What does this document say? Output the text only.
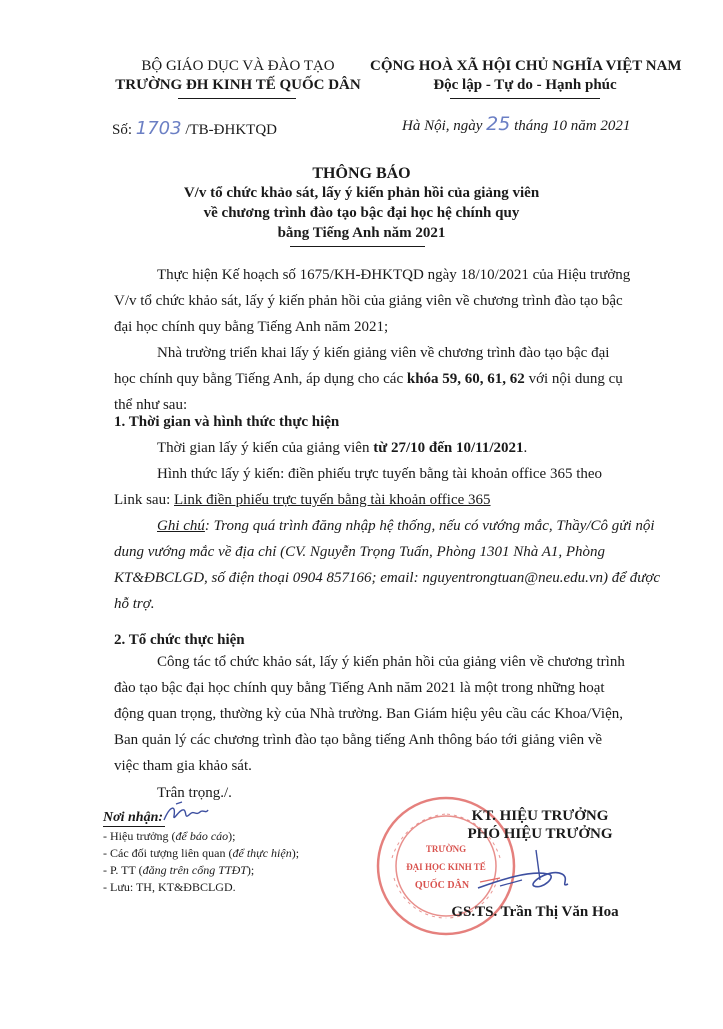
BỘ GIÁO DỤC VÀ ĐÀO TẠO
TRƯỜNG ĐH KINH TẾ QUỐC DÂN
Số: 1703 /TB-ĐHKTQD
CỘNG HOÀ XÃ HỘI CHỦ NGHĨA VIỆT NAM
Độc lập - Tự do - Hạnh phúc
Hà Nội, ngày 25 tháng 10 năm 2021
THÔNG BÁO
V/v tổ chức khảo sát, lấy ý kiến phản hồi của giảng viên
về chương trình đào tạo bậc đại học hệ chính quy
bằng Tiếng Anh năm 2021
Thực hiện Kế hoạch số 1675/KH-ĐHKTQD ngày 18/10/2021 của Hiệu trưởng
V/v tổ chức khảo sát, lấy ý kiến phản hồi của giảng viên về chương trình đào tạo bậc
đại học chính quy bằng Tiếng Anh năm 2021;
Nhà trường triển khai lấy ý kiến giảng viên về chương trình đào tạo bậc đại
học chính quy bằng Tiếng Anh, áp dụng cho các khóa 59, 60, 61, 62 với nội dung cụ
thể như sau:
1. Thời gian và hình thức thực hiện
Thời gian lấy ý kiến của giảng viên từ 27/10 đến 10/11/2021.
Hình thức lấy ý kiến: điền phiếu trực tuyến bằng tài khoản office 365 theo
Link sau: Link điền phiếu trực tuyến bằng tài khoản office 365
Ghi chú: Trong quá trình đăng nhập hệ thống, nếu có vướng mắc, Thầy/Cô gửi nội
dung vướng mắc về địa chỉ (CV. Nguyễn Trọng Tuấn, Phòng 1301 Nhà A1, Phòng
KT&ĐBCLGD, số điện thoại 0904 857166; email: nguyentrongtuan@neu.edu.vn) để được
hỗ trợ.
2. Tổ chức thực hiện
Công tác tổ chức khảo sát, lấy ý kiến phản hồi của giảng viên về chương trình
đào tạo bậc đại học chính quy bằng Tiếng Anh năm 2021 là một trong những hoạt
động quan trọng, thường kỳ của Nhà trường. Ban Giám hiệu yêu cầu các Khoa/Viện,
Ban quản lý các chương trình đào tạo bằng tiếng Anh thông báo tới giảng viên về
việc tham gia khảo sát.
Trân trọng./.
Nơi nhận:
- Hiệu trưởng (để báo cáo);
- Các đối tượng liên quan (để thực hiện);
- P. TT (đăng trên cổng TTĐT);
- Lưu: TH, KT&ĐBCLGD.
TRƯỜNG
ĐẠI HỌC KINH TẾ
QUỐC DÂN
KT. HIỆU TRƯỞNG
PHÓ HIỆU TRƯỞNG
GS.TS. Trần Thị Văn Hoa
